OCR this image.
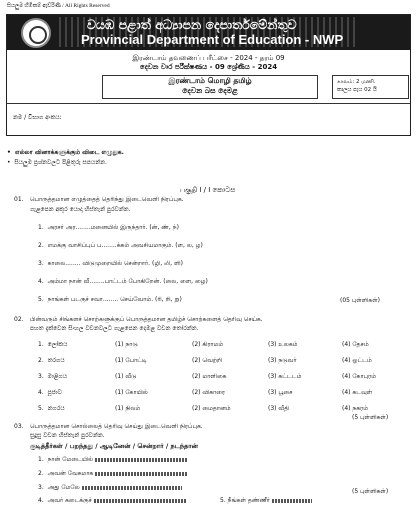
සියලුම හිමිකම් ඇව්රිණි / All Rights Reserved
වයඹ පළාත් අධ්‍යාපන දෙපාර්තමේන්තුව
Provincial Department of Education - NWP
இரண்டாம் தவணைப் பரீட்சை - 2024 - தரம் 09
දෙවන වාර පරීක්ෂණය - 09 ශ්‍රේණිය - 2024
இரண்டாம் மொழி தமிழ்
දෙවන බස දෙමළ
காலம்: 2 மணி.
කාලය පැය 02 යි
නම / විභාග අංකය:
•  எல்லா வினாக்களுக்கும் விடை எழுதுக.
•  සියලුම ප්‍රශ්නවලට පිළිතුරු සපයන්න.
பகுதி I / I කොටස
01. பொருத்தமான எழுத்தைத் தெரிந்து இடைவெளி நிரப்புக.
ගැළපෙන අකුර යොදා හිස්තැන් පුරවන්න.
1. அரசர் அர........மனையில் இருந்தார். (ன், ண், ந்)
2. எமக்கு வாசிப்புப் ப........க்கம் அவசியமாகும். (ள, ல, ழ)
3. காலை........ விடுமுறையில் சென்றார். (ழி, லி, ளி)
4. அம்மா நான் வீ........பாட்டம் போகிறேன். (லை, ளை, ழை)
5. நாங்கள் படகுச் சவா........ செய்வோம். (ரி, றி, று)	(05 புள்ளிகள்)
02. பின்வரும் சிங்களச் சொற்களுக்குப் பொருத்தமான தமிழ்ச் சொற்களைத் தெரிவு செய்க.
පහත දැක්වෙන සිංහල වචනවලට ගැළපෙන දෙමළ වචන තෝරන්න.
1. ලෝකය	(1) நாடு	(2) கிராமம்	(3) உலகம்	(4) தேசம்
2. තරගය	(1) போட்டி	(2) வெற்றி	(3) நடுவர்	(4) ஓட்டம்
3. මාළිගය	(1) வீடு	(2) மாளிகை	(3) கட்டடம்	(4) கோபுரம்
4. පූජාව	(1) கோயில்	(2) விகாரை	(3) பூசை	(4) கடவுள்
5. නගරය	(1) நிலம்	(2) மைதானம்	(3) வீதி	(4) நகரம்
(5 புள்ளிகள்)
03. பொருத்தமான சொல்லைத் தெரிவு செய்து இடைவெளி நிரப்புக.
සුදුසු වචන හිස්තැන් පුරවන්න.
குடித்தீர்கள் / பறந்தது / ஆடினேன் / சென்றார் / நடந்தான்
1. நான் மேடையில்
2. அவன் வேகமாக
3. அது மேலே
4. அவர் கடைக்குச்	5. நீங்கள் தண்ணீர்
(5 புள்ளிகள்)
